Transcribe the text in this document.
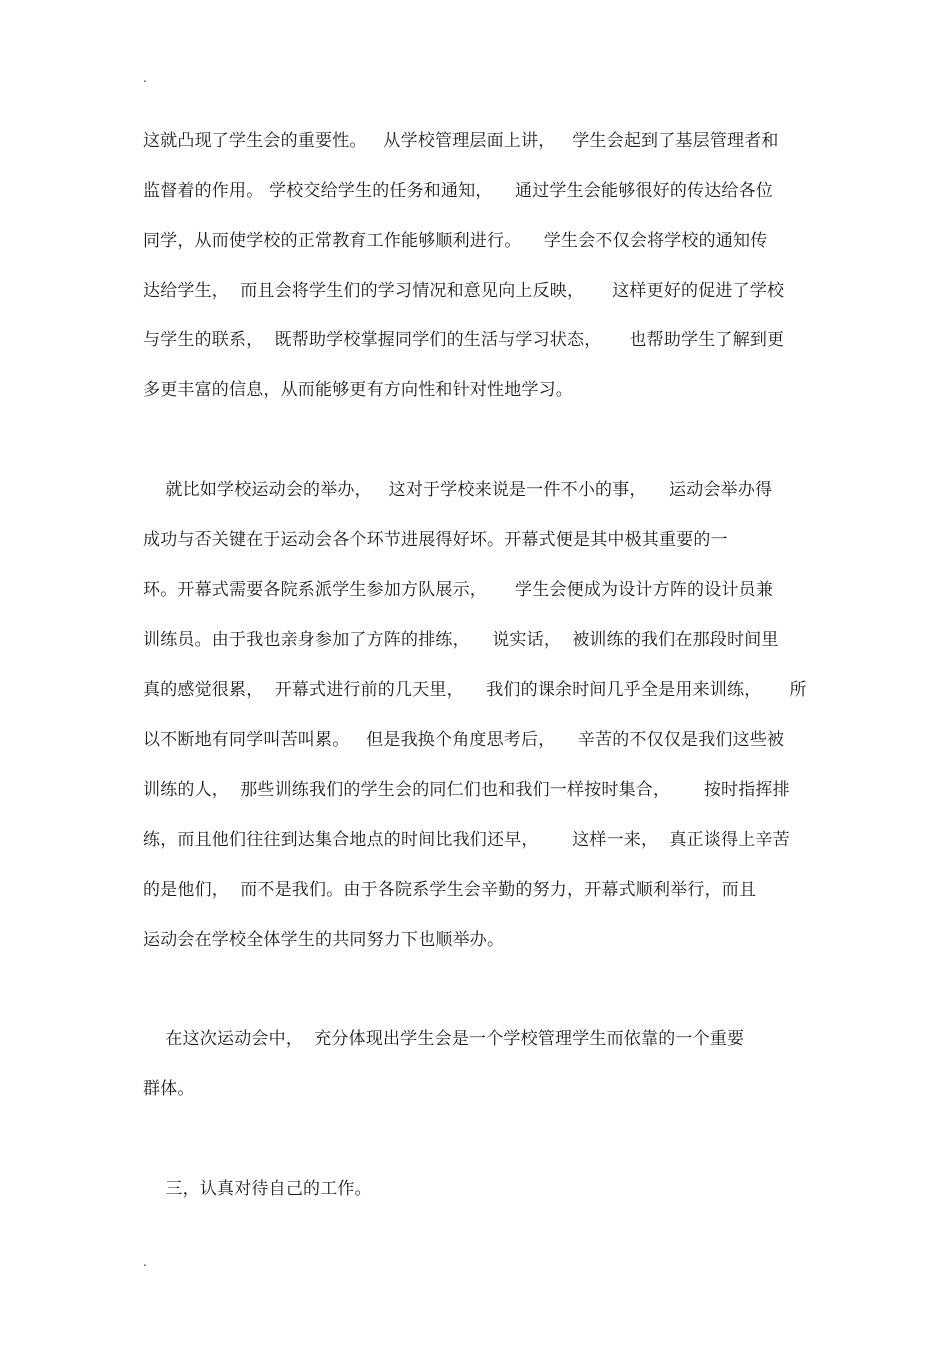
.
这就凸现了学生会的重要性。   从学校管理层面上讲，   学生会起到了基层管理者和
监督着的作用。 学校交给学生的任务和通知，    通过学生会能够很好的传达给各位
同学，从而使学校的正常教育工作能够顺利进行。    学生会不仅会将学校的通知传
达给学生，  而且会将学生们的学习情况和意见向上反映，     这样更好的促进了学校
与学生的联系，  既帮助学校掌握同学们的生活与学习状态，     也帮助学生了解到更
多更丰富的信息，从而能够更有方向性和针对性地学习。
就比如学校运动会的举办，   这对于学校来说是一件不小的事，    运动会举办得
成功与否关键在于运动会各个环节进展得好坏。开幕式便是其中极其重要的一
环。开幕式需要各院系派学生参加方队展示，     学生会便成为设计方阵的设计员兼
训练员。由于我也亲身参加了方阵的排练，    说实话，  被训练的我们在那段时间里
真的感觉很累，  开幕式进行前的几天里，    我们的课余时间几乎全是用来训练，     所
以不断地有同学叫苦叫累。   但是我换个角度思考后，    辛苦的不仅仅是我们这些被
训练的人，  那些训练我们的学生会的同仁们也和我们一样按时集合，      按时指挥排
练，而且他们往往到达集合地点的时间比我们还早，      这样一来，  真正谈得上辛苦
的是他们，  而不是我们。由于各院系学生会辛勤的努力，开幕式顺利举行，而且
运动会在学校全体学生的共同努力下也顺举办。
在这次运动会中，  充分体现出学生会是一个学校管理学生而依靠的一个重要
群体。
三，认真对待自己的工作。
.
